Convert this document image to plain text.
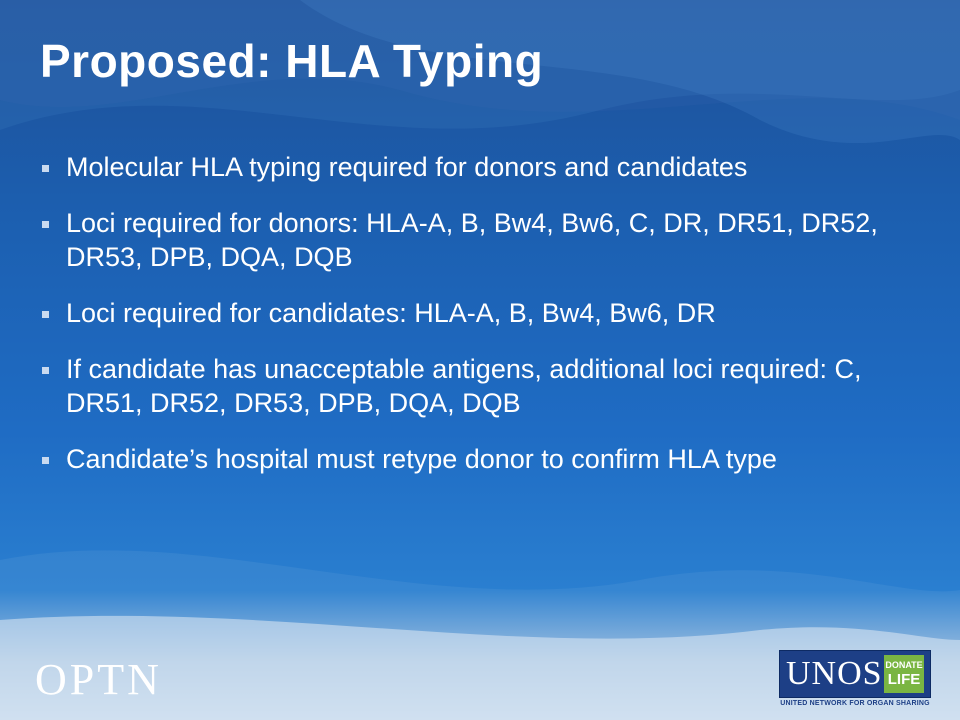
Proposed: HLA Typing
Molecular HLA typing required for donors and candidates
Loci required for donors: HLA-A, B, Bw4, Bw6, C, DR, DR51, DR52, DR53, DPB, DQA, DQB
Loci required for candidates: HLA-A, B, Bw4, Bw6, DR
If candidate has unacceptable antigens, additional loci required: C, DR51, DR52, DR53, DPB, DQA, DQB
Candidate’s hospital must retype donor to confirm HLA type
OPTN	UNOS DONATE
LIFE
UNITED NETWORK FOR ORGAN SHARING
